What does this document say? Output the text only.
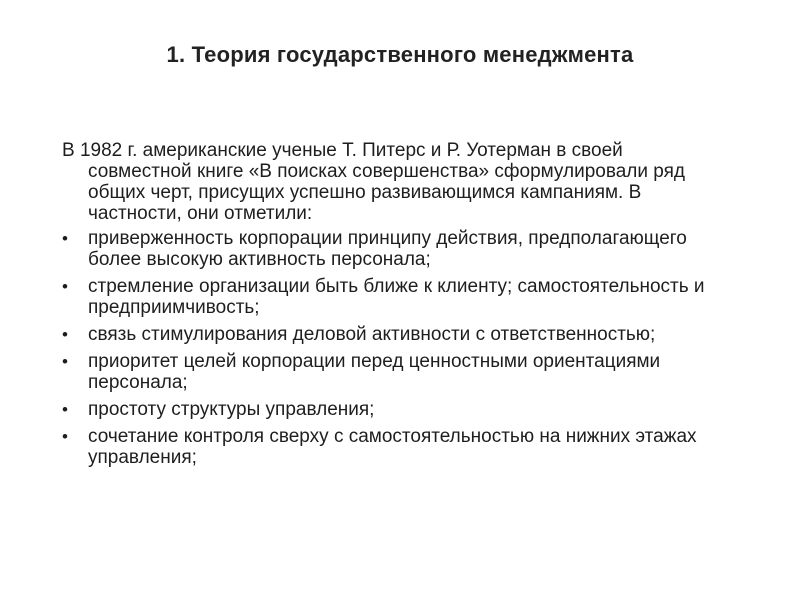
1. Теория государственного менеджмента

В 1982 г. американские ученые Т. Питерс и Р. Уотерман в своей совместной книге «В поисках совершенства» сформулировали ряд общих черт, присущих успешно развивающимся кампаниям. В частности, они отметили:

•	приверженность корпорации принципу действия, предполагающего более высокую активность персонала;
•	стремление организации быть ближе к клиенту; самостоятельность и предприимчивость;
•	связь стимулирования деловой активности с ответственностью;
•	приоритет целей корпорации перед ценностными ориентациями персонала;
•	простоту структуры управления;
•	сочетание контроля сверху с самостоятельностью на нижних этажах управления;
